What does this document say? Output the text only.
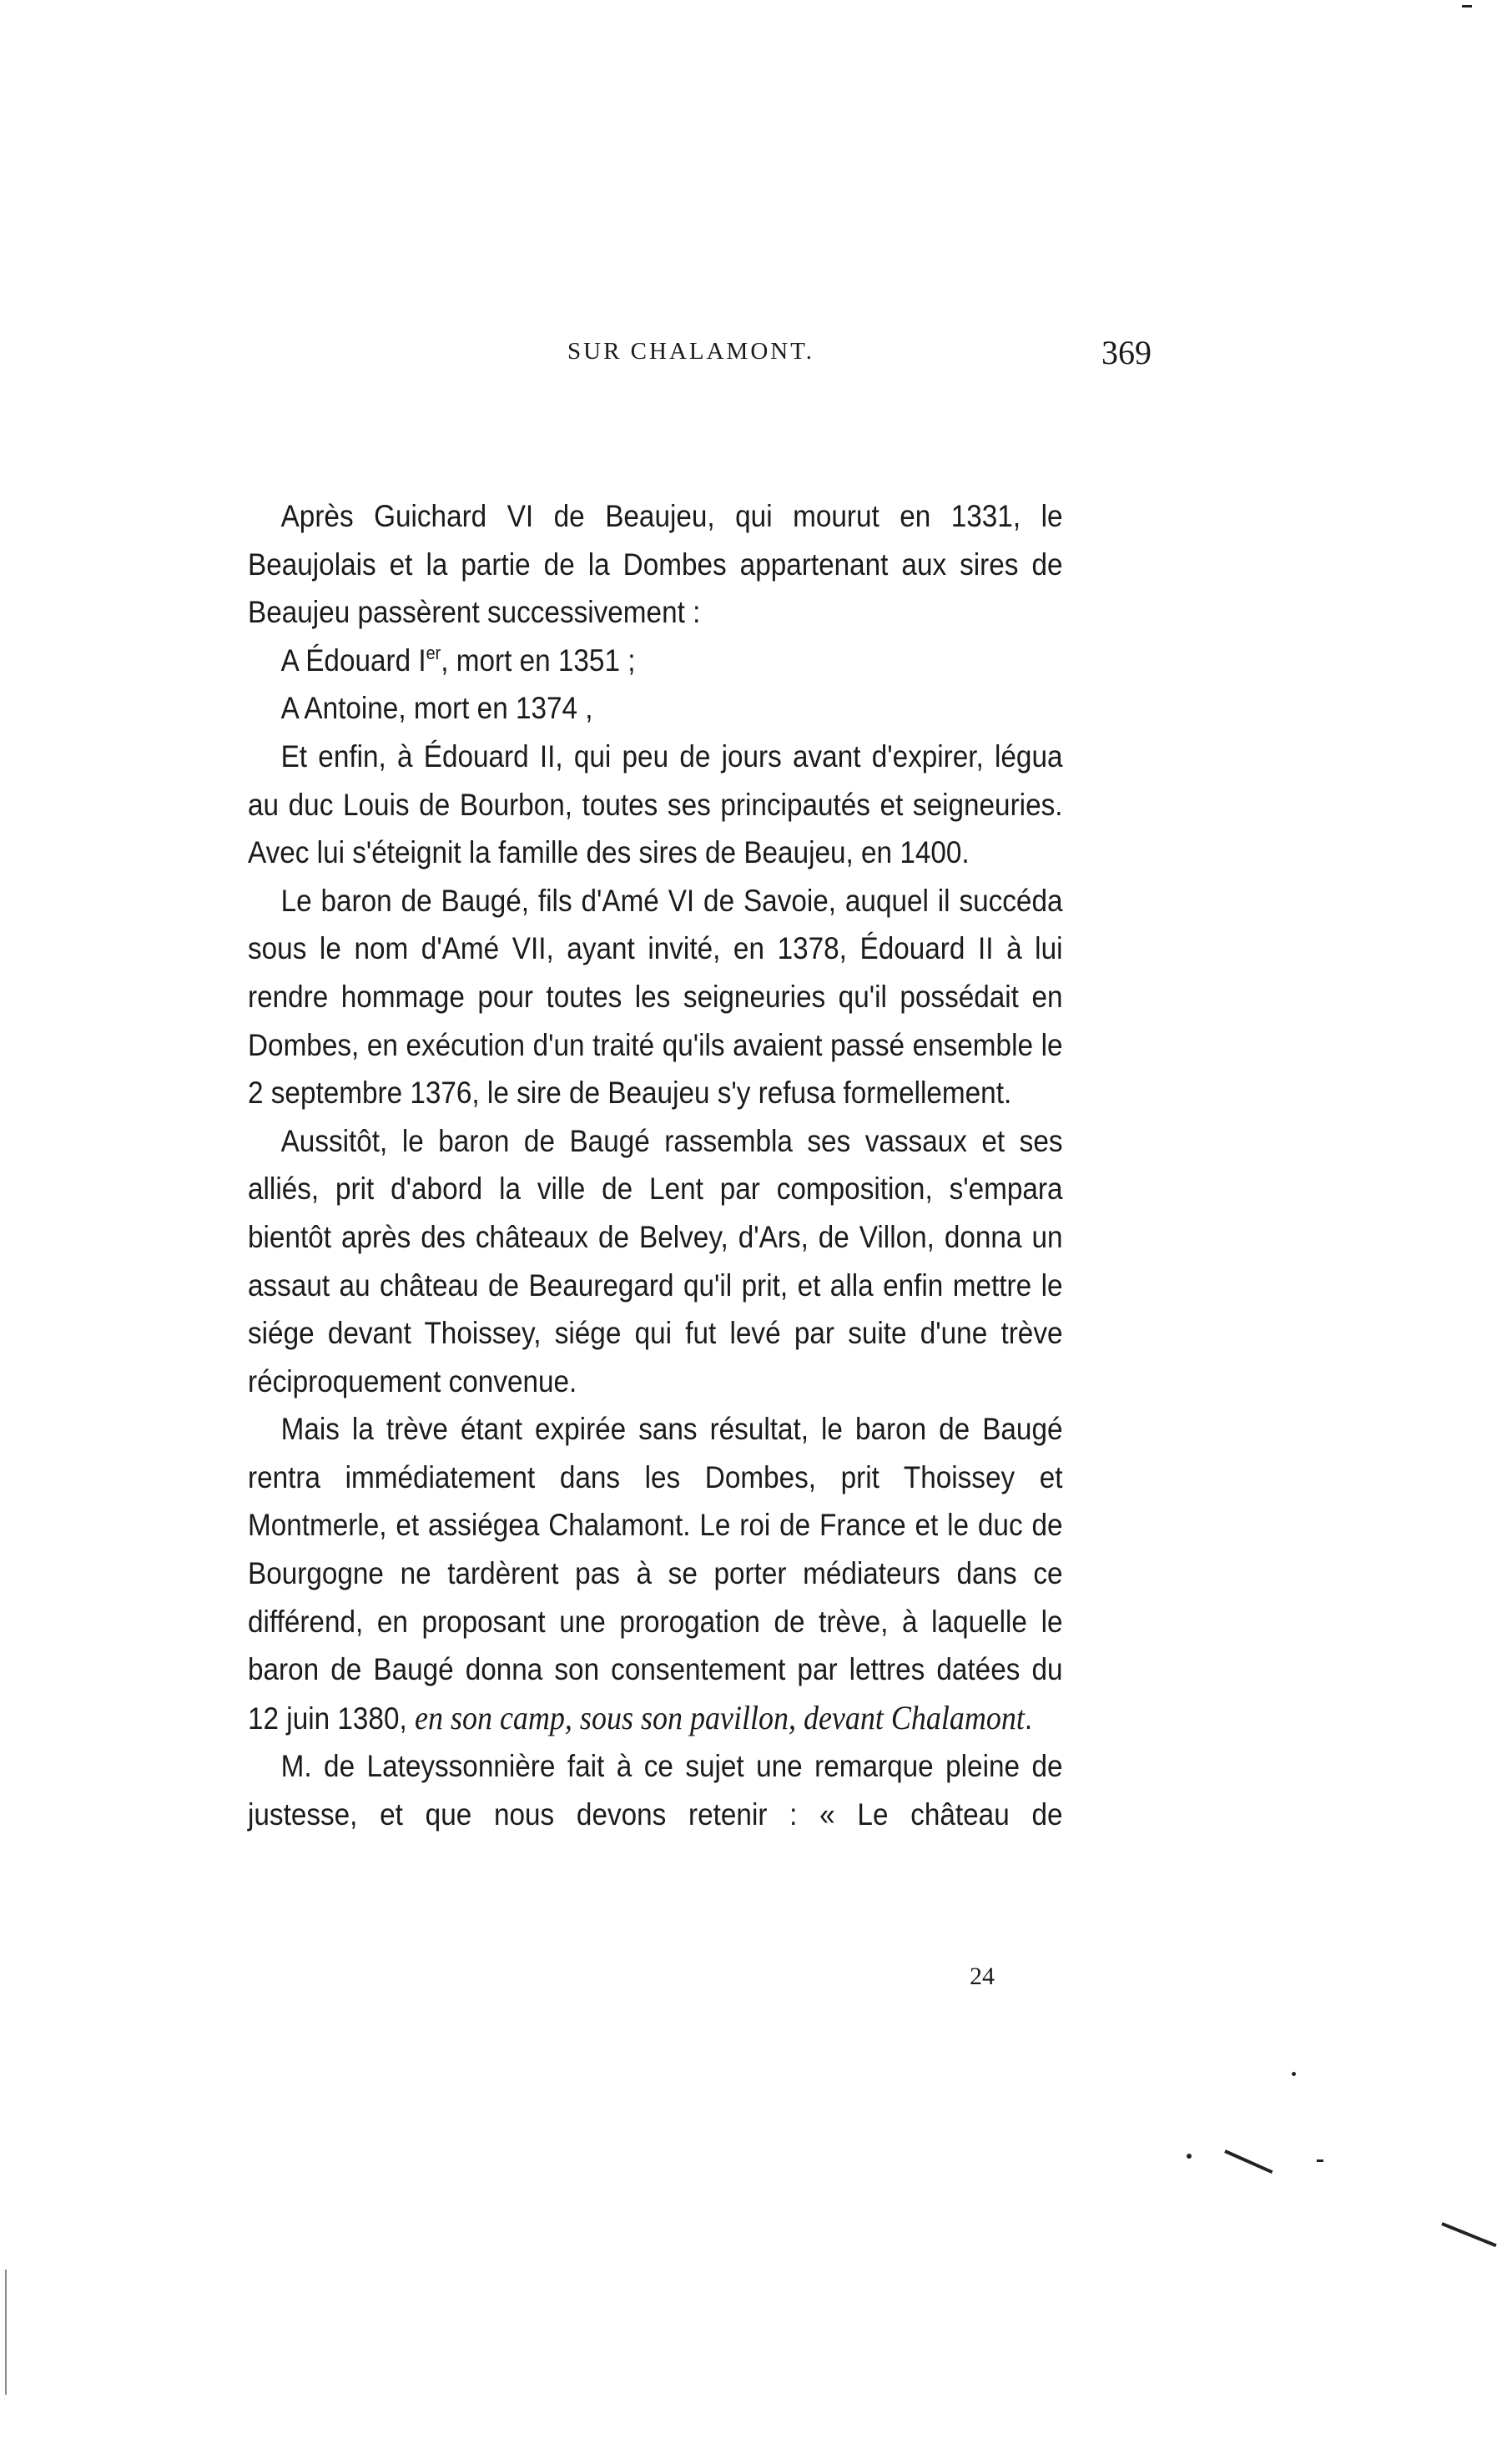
SUR CHALAMONT.	369

Après Guichard VI de Beaujeu, qui mourut en 1331, le Beaujolais et la partie de la Dombes appartenant aux sires de Beaujeu passèrent successivement :

A Édouard Ier, mort en 1351 ;

A Antoine, mort en 1374 ,

Et enfin, à Édouard II, qui peu de jours avant d'expirer, légua au duc Louis de Bourbon, toutes ses principautés et seigneuries. Avec lui s'éteignit la famille des sires de Beaujeu, en 1400.

Le baron de Baugé, fils d'Amé VI de Savoie, auquel il succéda sous le nom d'Amé VII, ayant invité, en 1378, Édouard II à lui rendre hommage pour toutes les seigneuries qu'il possédait en Dombes, en exécution d'un traité qu'ils avaient passé ensemble le 2 septembre 1376, le sire de Beaujeu s'y refusa formellement.

Aussitôt, le baron de Baugé rassembla ses vassaux et ses alliés, prit d'abord la ville de Lent par composition, s'empara bientôt après des châteaux de Belvey, d'Ars, de Villon, donna un assaut au château de Beauregard qu'il prit, et alla enfin mettre le siége devant Thoissey, siége qui fut levé par suite d'une trève réciproquement convenue.

Mais la trève étant expirée sans résultat, le baron de Baugé rentra immédiatement dans les Dombes, prit Thoissey et Montmerle, et assiégea Chalamont. Le roi de France et le duc de Bourgogne ne tardèrent pas à se porter médiateurs dans ce différend, en proposant une prorogation de trève, à laquelle le baron de Baugé donna son consentement par lettres datées du 12 juin 1380, en son camp, sous son pavillon, devant Chalamont.

M. de Lateyssonnière fait à ce sujet une remarque pleine de justesse, et que nous devons retenir : « Le château de

24
